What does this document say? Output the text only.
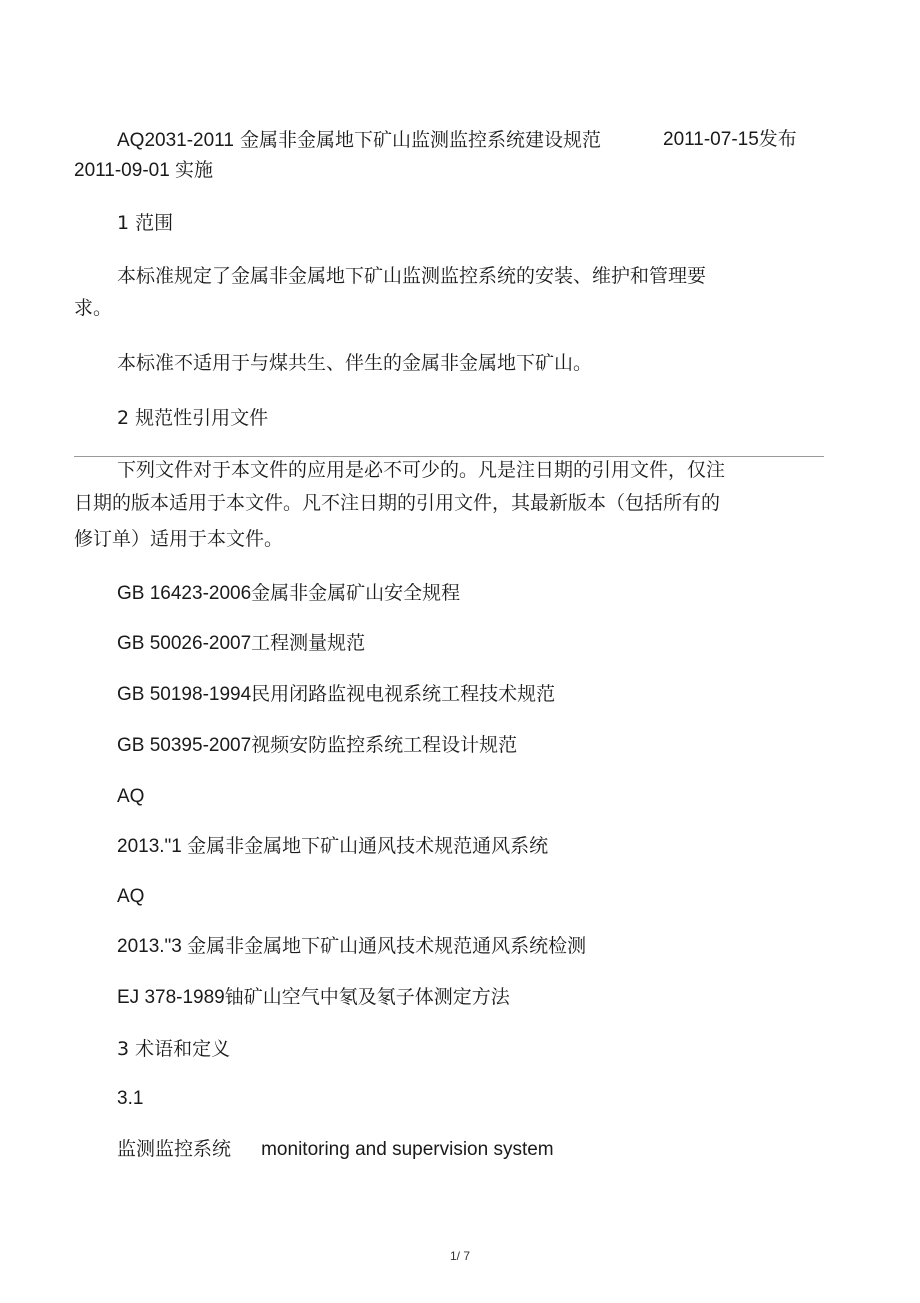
AQ2031-2011 金属非金属地下矿山监测监控系统建设规范	2011-07-15发布
2011-09-01 实施
1 范围
本标准规定了金属非金属地下矿山监测监控系统的安装、维护和管理要
求。
本标准不适用于与煤共生、伴生的金属非金属地下矿山。
2 规范性引用文件
下列文件对于本文件的应用是必不可少的。凡是注日期的引用文件，仅注
日期的版本适用于本文件。凡不注日期的引用文件，其最新版本（包括所有的
修订单）适用于本文件。
GB 16423-2006金属非金属矿山安全规程
GB 50026-2007工程测量规范
GB 50198-1994民用闭路监视电视系统工程技术规范
GB 50395-2007视频安防监控系统工程设计规范
AQ
2013."1 金属非金属地下矿山通风技术规范通风系统
AQ
2013."3 金属非金属地下矿山通风技术规范通风系统检测
EJ 378-1989铀矿山空气中氡及氡子体测定方法
3 术语和定义
3.1
监测监控系统 monitoring and supervision system
1/ 7
